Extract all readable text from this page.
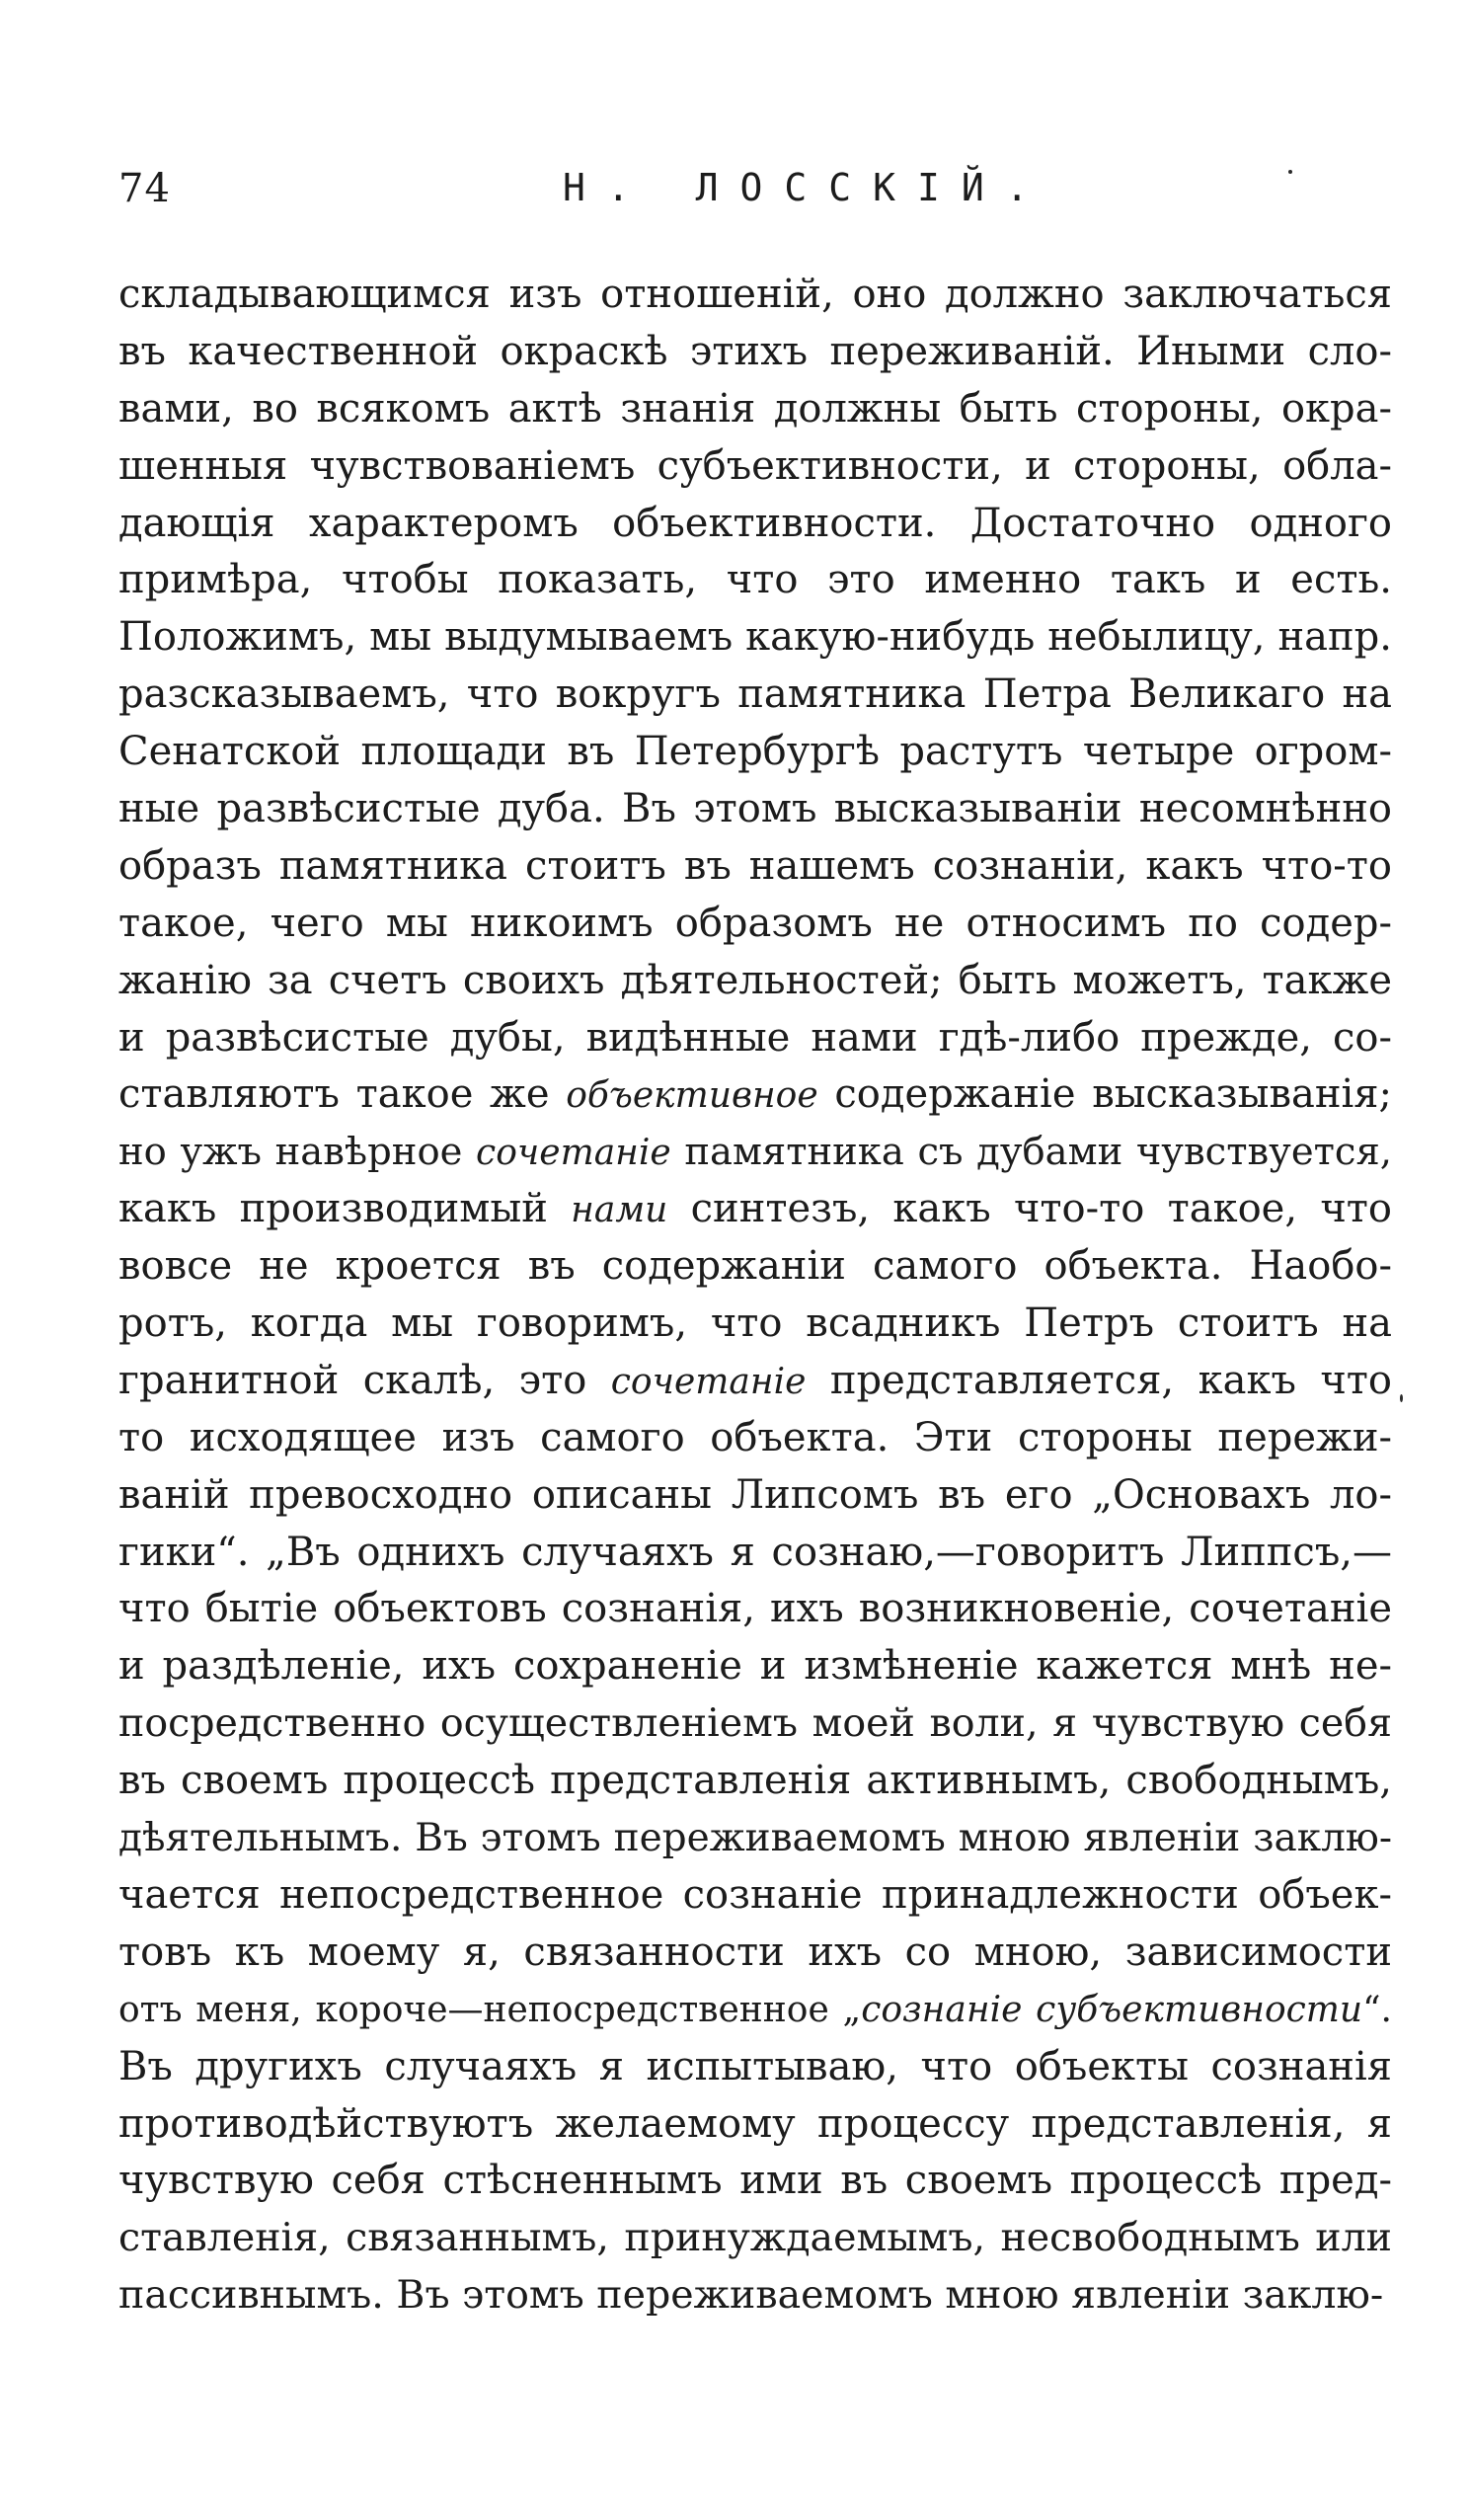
74	Н. ЛОССКІЙ.
складывающимся изъ отношеній, оно должно заключаться
въ качественной окраскѣ этихъ переживаній. Иными сло-
вами, во всякомъ актѣ знанія должны быть стороны, окра-
шенныя чувствованіемъ субъективности, и стороны, обла-
дающія характеромъ объективности. Достаточно одного
примѣра, чтобы показать, что это именно такъ и есть.
Положимъ, мы выдумываемъ какую-нибудь небылицу, напр.
разсказываемъ, что вокругъ памятника Петра Великаго на
Сенатской площади въ Петербургѣ растутъ четыре огром-
ные развѣсистые дуба. Въ этомъ высказываніи несомнѣнно
образъ памятника стоитъ въ нашемъ сознаніи, какъ что-то
такое, чего мы никоимъ образомъ не относимъ по содер-
жанію за счетъ своихъ дѣятельностей; быть можетъ, также
и развѣсистые дубы, видѣнные нами гдѣ-либо прежде, со-
ставляютъ такое же объективное содержаніе высказыванія;
но ужъ навѣрное сочетаніе памятника съ дубами чувствуется,
какъ производимый нами синтезъ, какъ что-то такое, что
вовсе не кроется въ содержаніи самого объекта. Наобо-
ротъ, когда мы говоримъ, что всадникъ Петръ стоитъ на
гранитной скалѣ, это сочетаніе представляется, какъ что
то исходящее изъ самого объекта. Эти стороны пережи-
ваній превосходно описаны Липсомъ въ его „Основахъ ло-
гики“. „Въ однихъ случаяхъ я сознаю,—говоритъ Липпсъ,—
что бытіе объектовъ сознанія, ихъ возникновеніе, сочетаніе
и раздѣленіе, ихъ сохраненіе и измѣненіе кажется мнѣ не-
посредственно осуществленіемъ моей воли, я чувствую себя
въ своемъ процессѣ представленія активнымъ, свободнымъ,
дѣятельнымъ. Въ этомъ переживаемомъ мною явленіи заклю-
чается непосредственное сознаніе принадлежности объек-
товъ къ моему я, связанности ихъ со мною, зависимости
отъ меня, короче—непосредственное „сознаніе субъективности“.
Въ другихъ случаяхъ я испытываю, что объекты сознанія
противодѣйствуютъ желаемому процессу представленія, я
чувствую себя стѣсненнымъ ими въ своемъ процессѣ пред-
ставленія, связаннымъ, принуждаемымъ, несвободнымъ или
пассивнымъ. Въ этомъ переживаемомъ мною явленіи заклю-
